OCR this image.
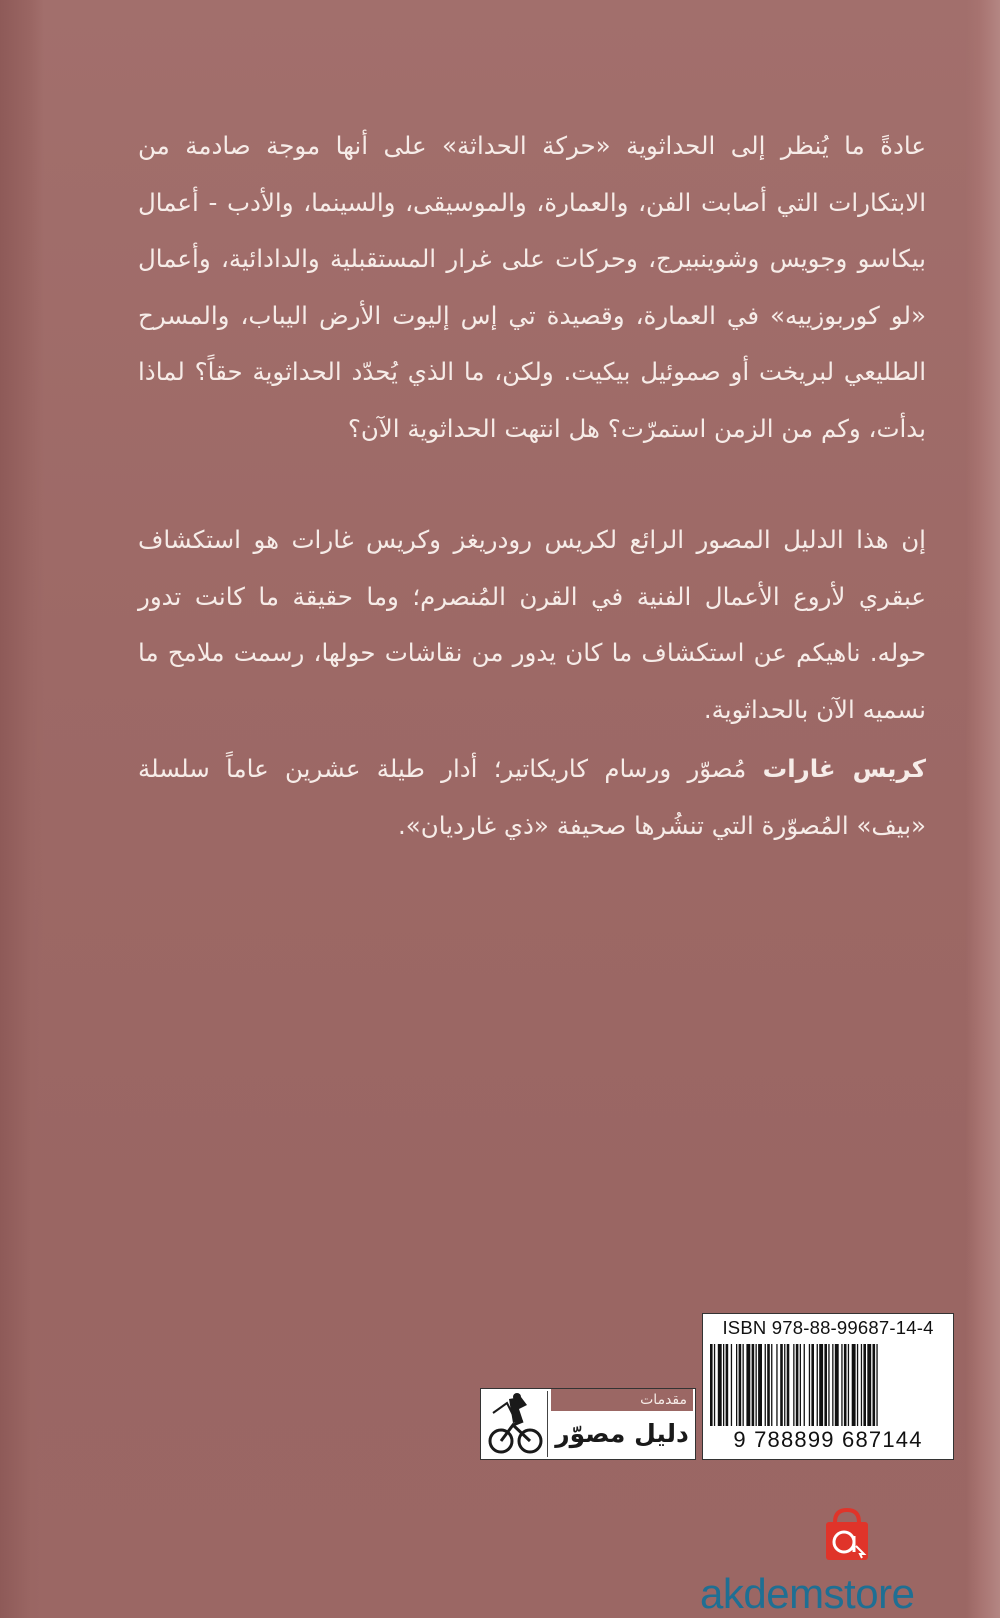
عادةً ما يُنظر إلى الحداثوية «حركة الحداثة» على أنها موجة صادمة من الابتكارات التي أصابت الفن، والعمارة، والموسيقى، والسينما، والأدب - أعمال بيكاسو وجويس وشوينبيرج، وحركات على غرار المستقبلية والدادائية، وأعمال «لو كوربوزييه» في العمارة، وقصيدة تي إس إليوت الأرض اليباب، والمسرح الطليعي لبريخت أو صموئيل بيكيت. ولكن، ما الذي يُحدّد الحداثوية حقاً؟ لماذا بدأت، وكم من الزمن استمرّت؟ هل انتهت الحداثوية الآن؟

إن هذا الدليل المصور الرائع لكريس رودريغز وكريس غارات هو استكشاف عبقري لأروع الأعمال الفنية في القرن المُنصرم؛ وما حقيقة ما كانت تدور حوله. ناهيكم عن استكشاف ما كان يدور من نقاشات حولها، رسمت ملامح ما نسميه الآن بالحداثوية.

كريس غارات مُصوّر ورسام كاريكاتير؛ أدار طيلة عشرين عاماً سلسلة «بيف» المُصوّرة التي تنشُرها صحيفة «ذي غارديان».

مقدمات
دليل مصوّر
ISBN 978-88-99687-14-4
9 788899 687144
akdemstore
